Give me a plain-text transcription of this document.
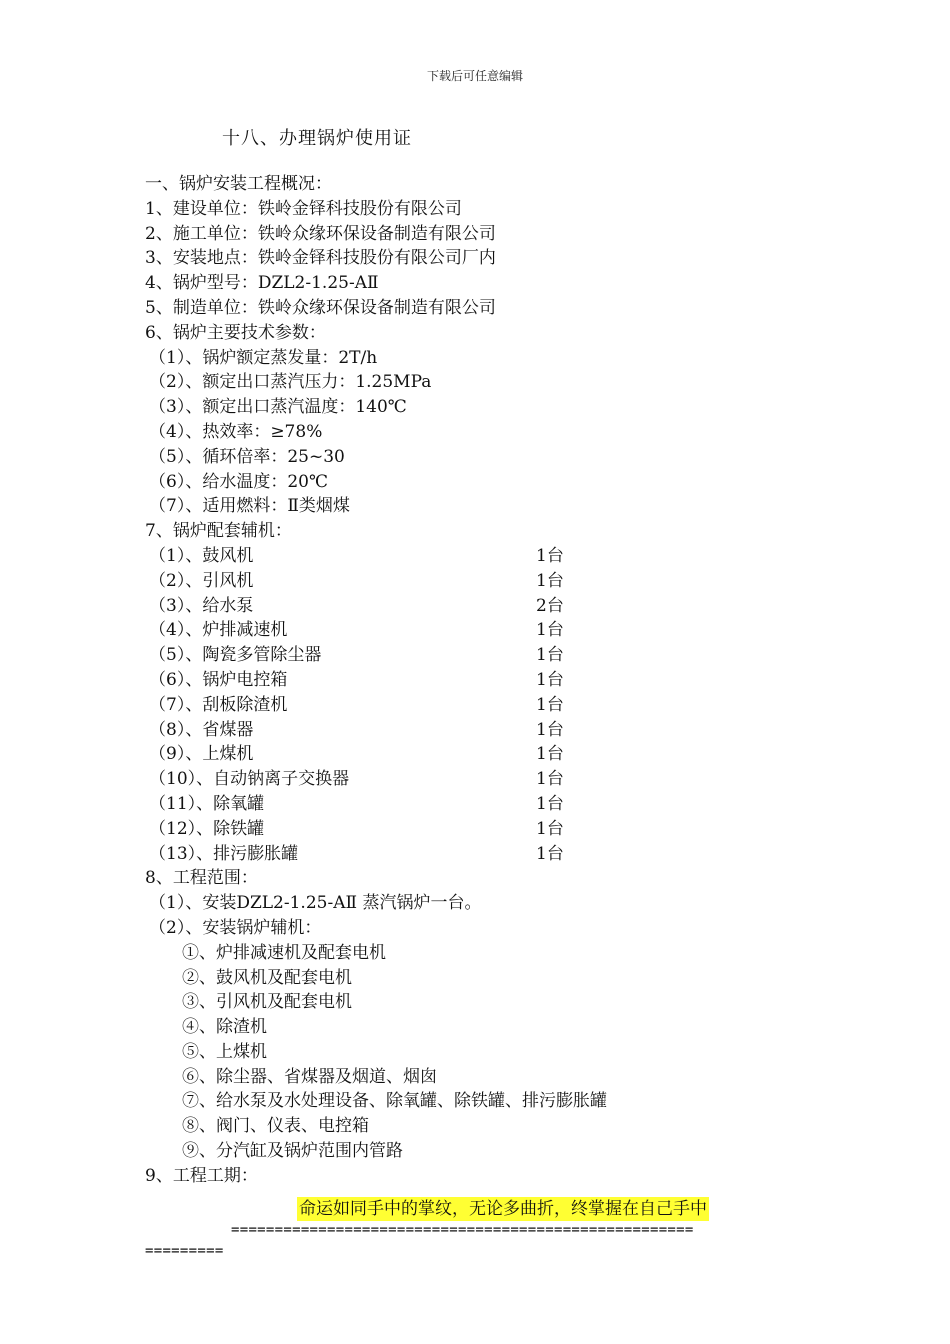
下载后可任意编辑
十八、办理锅炉使用证
一、锅炉安装工程概况：
1、建设单位：铁岭金铎科技股份有限公司
2、施工单位：铁岭众缘环保设备制造有限公司
3、安装地点：铁岭金铎科技股份有限公司厂内
4、锅炉型号：DZL2-1.25-AⅡ
5、制造单位：铁岭众缘环保设备制造有限公司
6、锅炉主要技术参数：
（1）、锅炉额定蒸发量：2T/h
（2）、额定出口蒸汽压力：1.25MPa
（3）、额定出口蒸汽温度：140℃
（4）、热效率：≥78%
（5）、循环倍率：25~30
（6）、给水温度：20℃
（7）、适用燃料：Ⅱ类烟煤
7、锅炉配套辅机：
（1）、鼓风机	1台
（2）、引风机	1台
（3）、给水泵	2台
（4）、炉排减速机	1台
（5）、陶瓷多管除尘器	1台
（6）、锅炉电控箱	1台
（7）、刮板除渣机	1台
（8）、省煤器	1台
（9）、上煤机	1台
（10）、自动钠离子交换器	1台
（11）、除氧罐	1台
（12）、除铁罐	1台
（13）、排污膨胀罐	1台
8、工程范围：
（1）、安装DZL2-1.25-AⅡ 蒸汽锅炉一台。
（2）、安装锅炉辅机：
①、炉排减速机及配套电机
②、鼓风机及配套电机
③、引风机及配套电机
④、除渣机
⑤、上煤机
⑥、除尘器、省煤器及烟道、烟囱
⑦、给水泵及水处理设备、除氧罐、除铁罐、排污膨胀罐
⑧、阀门、仪表、电控箱
⑨、分汽缸及锅炉范围内管路
9、工程工期：
命运如同手中的掌纹，无论多曲折，终掌握在自己手中
=====================================================
=========
